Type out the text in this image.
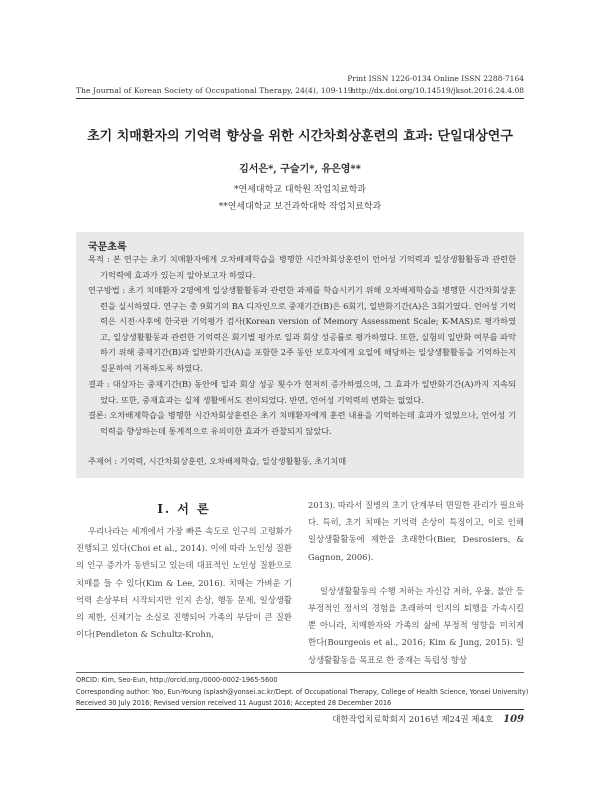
Print ISSN 1226-0134 Online ISSN 2288-7164
http://dx.doi.org/10.14519/jksot.2016.24.4.08
The Journal of Korean Society of Occupational Therapy, 24(4), 109-119
초기 치매환자의 기억력 향상을 위한 시간차회상훈련의 효과: 단일대상연구
김서은*, 구슬기*, 유은영**
*연세대학교 대학원 작업치료학과
**연세대학교 보건과학대학 작업치료학과
국문초록
목적 : 본 연구는 초기 치매환자에게 오차배제학습을 병행한 시간차회상훈련이 언어성 기억력과 일상생활활동과 관련한 기억력에 효과가 있는지 알아보고자 하였다.
연구방법 : 초기 치매환자 2명에게 일상생활활동과 관련한 과제를 학습시키기 위해 오차배제학습을 병행한 시간차회상훈련을 실시하였다. 연구는 총 9회기의 BA 디자인으로 중재기간(B)은 6회기, 일반화기간(A)은 3회기였다. 언어성 기억력은 시전·사후에 한국판 기억평가 검사(Korean version of Memory Assessment Scale; K-MAS)로 평가하였고, 일상생활활동과 관련한 기억력은 회기별 평가로 일과 회상 성공률로 평가하였다. 또한, 실험의 일반화 여부를 파악하기 위해 중재기간(B)과 일반화기간(A)을 포함한 2주 동안 보호자에게 요일에 해당하는 일상생활활동을 기억하는지 질문하여 기록하도록 하였다.
결과 : 대상자는 중재기간(B) 동안에 일과 회상 성공 횟수가 현저히 증가하였으며, 그 효과가 일반화기간(A)까지 지속되었다. 또한, 중재효과는 실제 생활에서도 전이되었다. 반면, 언어성 기억력의 변화는 없었다.
결론: 오차배제학습을 병행한 시간차회상훈련은 초기 치매환자에게 훈련 내용을 기억하는데 효과가 있었으나, 언어성 기억력을 향상하는데 통계적으로 유의미한 효과가 관찰되지 않았다.
주제어 : 기억력, 시간차회상훈련, 오차배제학습, 일상생활활동, 초기치매
Ⅰ. 서 론

우리나라는 세계에서 가장 빠른 속도로 인구의 고령화가 진행되고 있다(Choi et al., 2014). 이에 따라 노인성 질환의 인구 증가가 동반되고 있는데 대표적인 노인성 질환으로 치매를 들 수 있다(Kim & Lee, 2016). 치매는 가벼운 기억력 손상부터 시작되지만 인지 손상, 행동 문제, 일상생활의 제한, 신체기능 소실로 진행되어 가족의 부담이 큰 질환이다(Pendleton & Schultz-Krohn,

2013). 따라서 질병의 초기 단계부터 면밀한 관리가 필요하다. 특히, 초기 치매는 기억력 손상이 특징이고, 이로 인해 일상생활활동에 제한을 초래한다(Bier, Desrosiers, & Gagnon, 2006).

일상생활활동의 수행 저하는 자신감 저하, 우울, 불안 등 부정적인 정서의 경험을 초래하여 인지의 퇴행을 가속시킬 뿐 아니라, 치매환자와 가족의 삶에 부정적 영향을 미치게 한다(Bourgeois et al., 2016; Kim & Jung, 2015). 일상생활활동을 목표로 한 중재는 독립성 향상

ORCID: Kim, Seo-Eun, http://orcid.org./0000-0002-1965-5600
Corresponding author: Yoo, Eun-Young (splash@yonsei.ac.kr/Dept. of Occupational Therapy, College of Health Science, Yonsei University)
Received 30 July 2016; Revised version received 11 August 2016; Accepted 28 December 2016
대한작업치료학회지 2016년 제24권 제4호 109
